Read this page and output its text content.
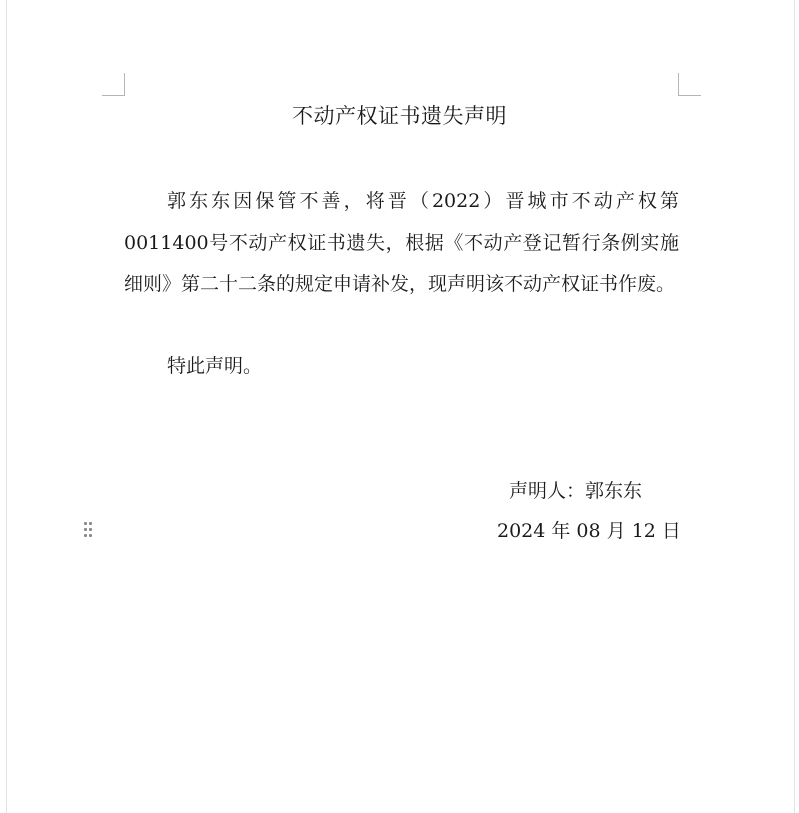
不动产权证书遗失声明

郭东东因保管不善，将晋（2022）晋城市不动产权第0011400号不动产权证书遗失，根据《不动产登记暂行条例实施细则》第二十二条的规定申请补发，现声明该不动产权证书作废。

特此声明。

声明人：郭东东
2024 年 08 月 12 日
